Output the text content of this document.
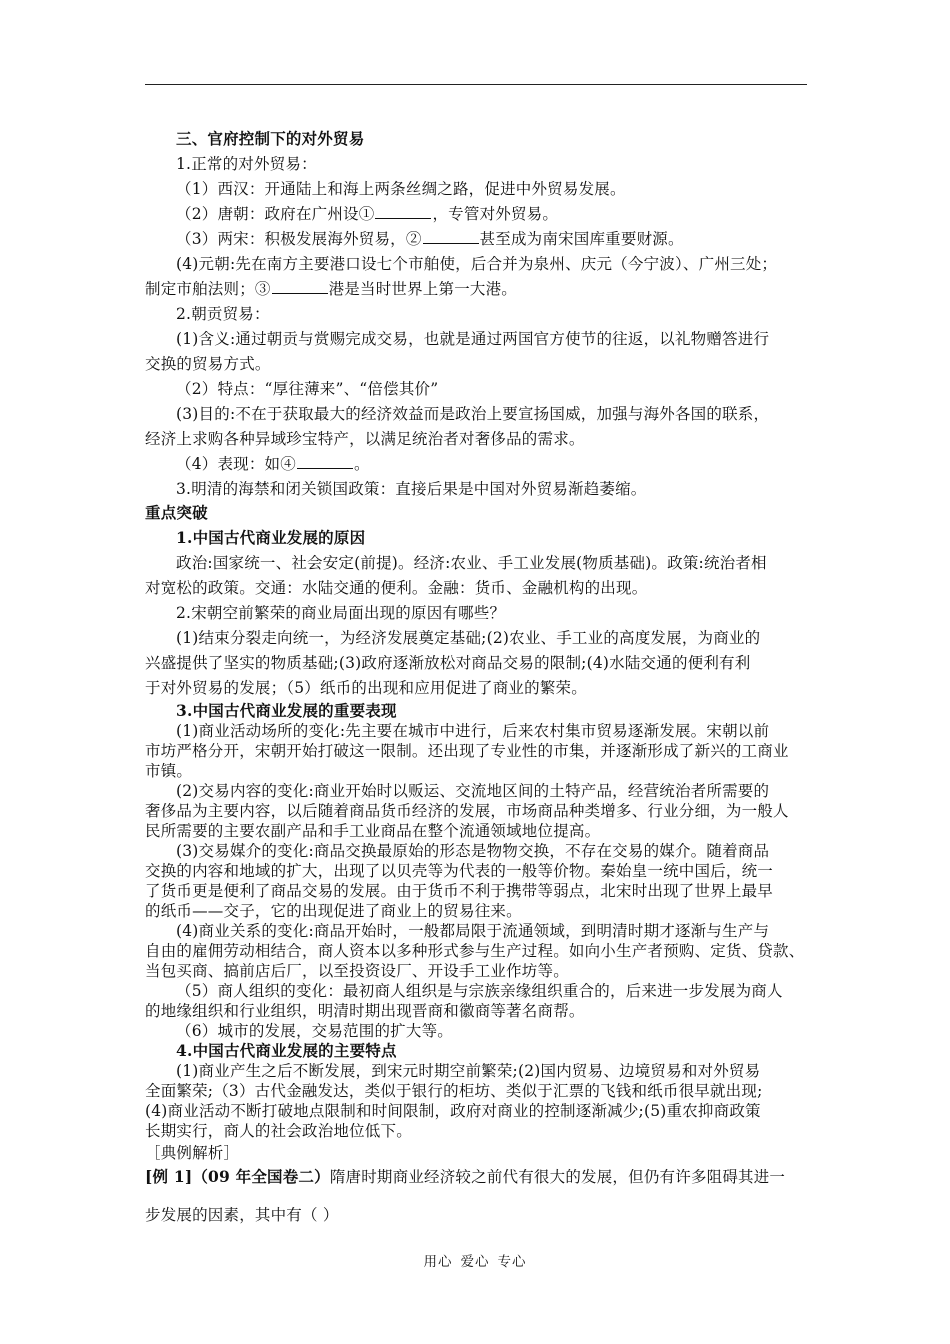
三、官府控制下的对外贸易
1.正常的对外贸易：
（1）西汉：开通陆上和海上两条丝绸之路，促进中外贸易发展。
（2）唐朝：政府在广州设①	，专管对外贸易。
（3）两宋：积极发展海外贸易，②	甚至成为南宋国库重要财源。
(4)元朝:先在南方主要港口设七个市舶使，后合并为泉州、庆元（今宁波）、广州三处；
制定市舶法则；③	港是当时世界上第一大港。
2.朝贡贸易：
(1)含义:通过朝贡与赏赐完成交易，也就是通过两国官方使节的往返，以礼物赠答进行
交换的贸易方式。
（2）特点：“厚往薄来”、“倍偿其价”
(3)目的:不在于获取最大的经济效益而是政治上要宣扬国威，加强与海外各国的联系，
经济上求购各种异域珍宝特产，以满足统治者对奢侈品的需求。
（4）表现：如④	。
3.明清的海禁和闭关锁国政策：直接后果是中国对外贸易渐趋萎缩。
重点突破
1.中国古代商业发展的原因
政治:国家统一、社会安定(前提)。经济:农业、手工业发展(物质基础)。政策:统治者相
对宽松的政策。交通：水陆交通的便利。金融：货币、金融机构的出现。
2.宋朝空前繁荣的商业局面出现的原因有哪些？
(1)结束分裂走向统一，为经济发展奠定基础;(2)农业、手工业的高度发展，为商业的
兴盛提供了坚实的物质基础;(3)政府逐渐放松对商品交易的限制;(4)水陆交通的便利有利
于对外贸易的发展；（5）纸币的出现和应用促进了商业的繁荣。
3.中国古代商业发展的重要表现
(1)商业活动场所的变化:先主要在城市中进行，后来农村集市贸易逐渐发展。宋朝以前
市坊严格分开，宋朝开始打破这一限制。还出现了专业性的市集，并逐渐形成了新兴的工商业
市镇。
(2)交易内容的变化:商业开始时以贩运、交流地区间的土特产品，经营统治者所需要的
奢侈品为主要内容，以后随着商品货币经济的发展，市场商品种类增多、行业分细，为一般人
民所需要的主要农副产品和手工业商品在整个流通领域地位提高。
(3)交易媒介的变化:商品交换最原始的形态是物物交换，不存在交易的媒介。随着商品
交换的内容和地域的扩大，出现了以贝壳等为代表的一般等价物。秦始皇一统中国后，统一
了货币更是便利了商品交易的发展。由于货币不利于携带等弱点，北宋时出现了世界上最早
的纸币——交子，它的出现促进了商业上的贸易往来。
(4)商业关系的变化:商品开始时，一般都局限于流通领域，到明清时期才逐渐与生产与
自由的雇佣劳动相结合，商人资本以多种形式参与生产过程。如向小生产者预购、定货、贷款、
当包买商、搞前店后厂，以至投资设厂、开设手工业作坊等。
（5）商人组织的变化：最初商人组织是与宗族亲缘组织重合的，后来进一步发展为商人
的地缘组织和行业组织，明清时期出现晋商和徽商等著名商帮。
（6）城市的发展，交易范围的扩大等。
4.中国古代商业发展的主要特点
(1)商业产生之后不断发展，到宋元时期空前繁荣;(2)国内贸易、边境贸易和对外贸易
全面繁荣;（3）古代金融发达，类似于银行的柜坊、类似于汇票的飞钱和纸币很早就出现;
(4)商业活动不断打破地点限制和时间限制，政府对商业的控制逐渐减少;(5)重农抑商政策
长期实行，商人的社会政治地位低下。
［典例解析］
[例 1]（09 年全国卷二）隋唐时期商业经济较之前代有很大的发展，但仍有许多阻碍其进一
步发展的因素，其中有（ ）
用心 爱心 专心
